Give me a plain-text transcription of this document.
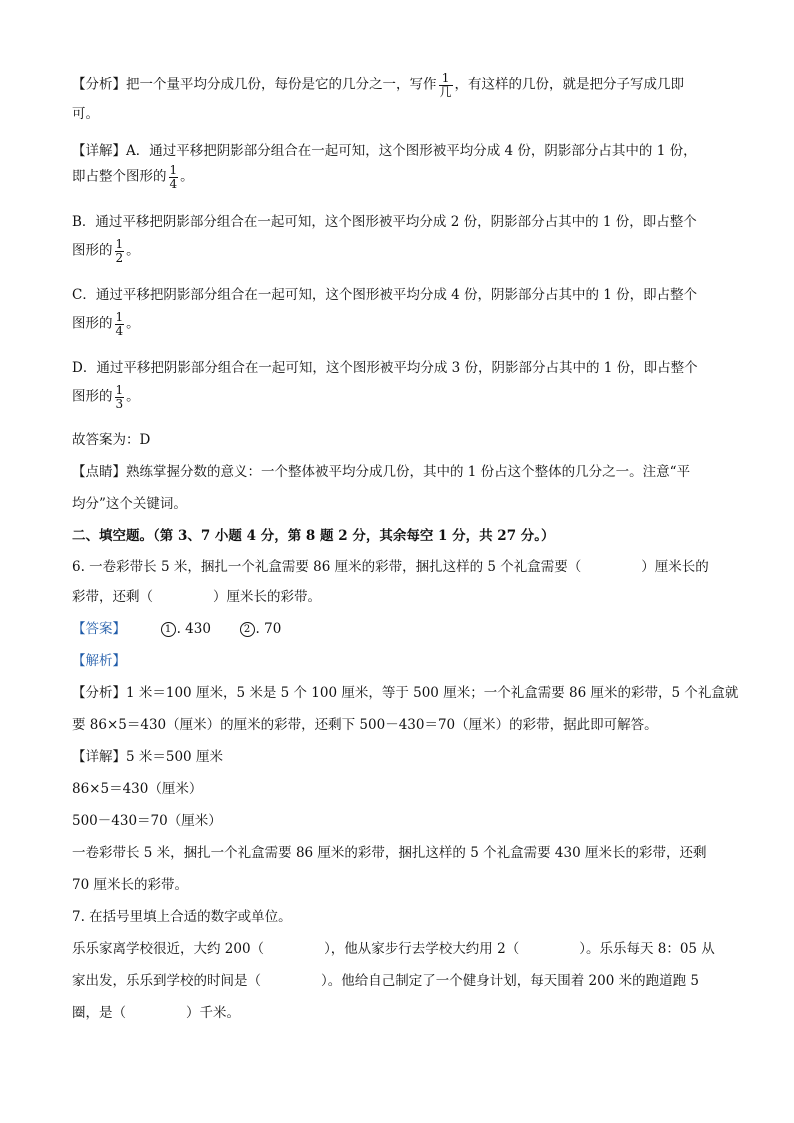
【分析】把一个量平均分成几份，每份是它的几分之一，写作 $\frac{1}{\text{几}}$ ，有这样的几份，就是把分子写成几即
可。
【详解】A．通过平移把阴影部分组合在一起可知，这个图形被平均分成 4 份，阴影部分占其中的 1 份，
即占整个图形的 $\frac{1}{4}$ 。
B．通过平移把阴影部分组合在一起可知，这个图形被平均分成 2 份，阴影部分占其中的 1 份，即占整个
图形的 $\frac{1}{2}$ 。
C．通过平移把阴影部分组合在一起可知，这个图形被平均分成 4 份，阴影部分占其中的 1 份，即占整个
图形的 $\frac{1}{4}$ 。
D．通过平移把阴影部分组合在一起可知，这个图形被平均分成 3 份，阴影部分占其中的 1 份，即占整个
图形的 $\frac{1}{3}$ 。
故答案为：D
【点睛】熟练掌握分数的意义：一个整体被平均分成几份，其中的 1 份占这个整体的几分之一。注意“平
均分”这个关键词。
二、填空题。（第 3、7 小题 4 分，第 8 题 2 分，其余每空 1 分，共 27 分。）
6. 一卷彩带长 5 米，捆扎一个礼盒需要 86 厘米的彩带，捆扎这样的 5 个礼盒需要（	）厘米长的
彩带，还剩（	）厘米长的彩带。
【答案】	1 . 430	2 . 70
【解析】
【分析】1 米＝100 厘米，5 米是 5 个 100 厘米，等于 500 厘米；一个礼盒需要 86 厘米的彩带，5 个礼盒就
要 86×5＝430（厘米）的厘米的彩带，还剩下 500－430＝70（厘米）的彩带，据此即可解答。
【详解】5 米＝500 厘米
86×5＝430（厘米）
500－430＝70（厘米）
一卷彩带长 5 米，捆扎一个礼盒需要 86 厘米的彩带，捆扎这样的 5 个礼盒需要 430 厘米长的彩带，还剩
70 厘米长的彩带。
7. 在括号里填上合适的数字或单位。
乐乐家离学校很近，大约 200（	），他从家步行去学校大约用 2（	）。乐乐每天 8：05 从
家出发，乐乐到学校的时间是（	）。他给自己制定了一个健身计划，每天围着 200 米的跑道跑 5
圈，是（	）千米。
